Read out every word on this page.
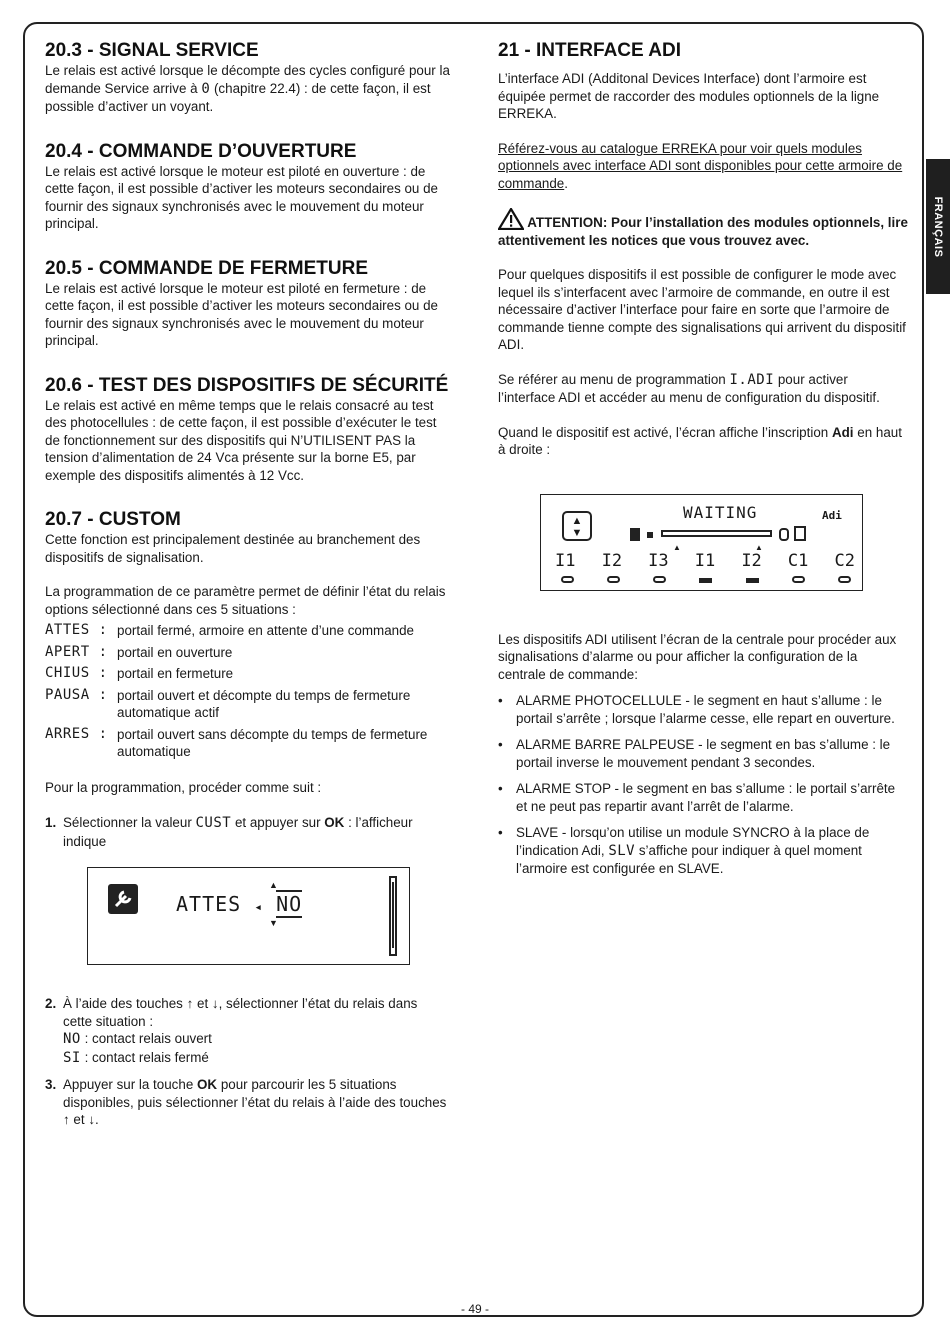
FRANÇAIS
20.3 - SIGNAL SERVICE

Le relais est activé lorsque le décompte des cycles configuré pour la demande Service arrive à 0 (chapitre 22.4) : de cette façon, il est possible d’activer un voyant.

20.4 - COMMANDE D’OUVERTURE

Le relais est activé lorsque le moteur est piloté en ouverture : de cette façon, il est possible d’activer les moteurs secondaires ou de fournir des signaux synchronisés avec le mouvement du moteur principal.

20.5 - COMMANDE DE FERMETURE

Le relais est activé lorsque le moteur est piloté en fermeture : de cette façon, il est possible d’activer les moteurs secondaires ou de fournir des signaux synchronisés avec le mouvement du moteur principal.

20.6 - TEST DES DISPOSITIFS DE SÉCURITÉ

Le relais est activé en même temps que le relais consacré au test des photocellules : de cette façon, il est possible d’exécuter le test de fonctionnement sur des dispositifs qui N’UTILISENT PAS la tension d’alimentation de 24 Vca présente sur la borne E5, par exemple des dispositifs alimentés à 12 Vcc.

20.7 - CUSTOM

Cette fonction est principalement destinée au branchement des dispositifs de signalisation.

La programmation de ce paramètre permet de définir l’état du relais options sélectionné dans ces 5 situations :

ATTES : portail fermé, armoire en attente d’une commande
APERT : portail en ouverture
CHIUS : portail en fermeture
PAUSA : portail ouvert et décompte du temps de fermeture automatique actif
ARRES : portail ouvert sans décompte du temps de fermeture automatique

Pour la programmation, procéder comme suit :

1. Sélectionner la valeur CUST et appuyer sur OK : l’afficheur indique
ATTES ◂ NO
▲
▼
2. À l’aide des touches ↑ et ↓, sélectionner l’état du relais dans cette situation :
NO : contact relais ouvert
SI : contact relais fermé
3. Appuyer sur la touche OK pour parcourir les 5 situations disponibles, puis sélectionner l’état du relais à l’aide des touches ↑ et ↓.
21 - INTERFACE ADI

L’interface ADI (Additonal Devices Interface) dont l’armoire est équipée permet de raccorder des modules optionnels de la ligne ERREKA.

Référez-vous au catalogue ERREKA pour voir quels modules optionnels avec interface ADI sont disponibles pour cette armoire de commande.

ATTENTION: Pour l’installation des modules optionnels, lire attentivement les notices que vous trouvez avec.

Pour quelques dispositifs il est possible de configurer le mode avec lequel ils s’interfacent avec l’armoire de commande, en outre il est nécessaire d’activer l’interface pour faire en sorte que l’armoire de commande tienne compte des signalisations qui arrivent du dispositif ADI.

Se référer au menu de programmation I.ADI pour activer l’interface ADI et accéder au menu de configuration du dispositif.

Quand le dispositif est activé, l’écran affiche l’inscription Adi en haut à droite :

▲
▼
WAITING	Adi
▲	▲
I1 I2 I3 I1 I2 C1 C2

Les dispositifs ADI utilisent l’écran de la centrale pour procéder aux signalisations d’alarme ou pour afficher la configuration de la centrale de commande:

• ALARME PHOTOCELLULE - le segment en haut s’allume : le portail s’arrête ; lorsque l’alarme cesse, elle repart en ouverture.
• ALARME BARRE PALPEUSE - le segment en bas s’allume : le portail inverse le mouvement pendant 3 secondes.
• ALARME STOP - le segment en bas s’allume : le portail s’arrête et ne peut pas repartir avant l’arrêt de l’alarme.
• SLAVE - lorsqu’on utilise un module SYNCRO à la place de l’indication Adi, SLV s’affiche pour indiquer à quel moment l’armoire est configurée en SLAVE.
- 49 -
